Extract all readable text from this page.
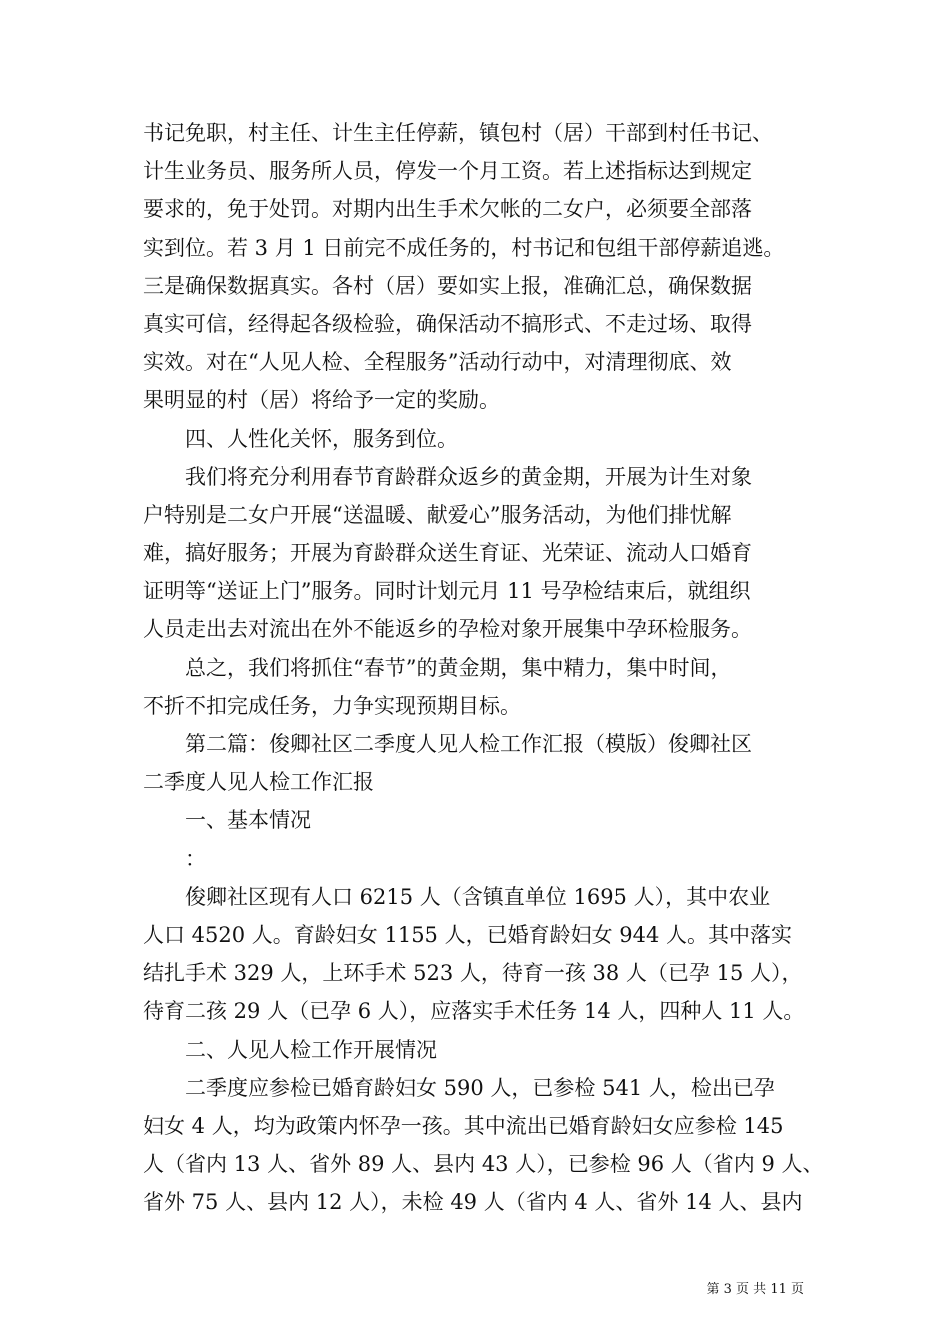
书记免职，村主任、计生主任停薪，镇包村（居）干部到村任书记、
计生业务员、服务所人员，停发一个月工资。若上述指标达到规定
要求的，免于处罚。对期内出生手术欠帐的二女户，必须要全部落
实到位。若 3 月 1 日前完不成任务的，村书记和包组干部停薪追逃。
三是确保数据真实。各村（居）要如实上报，准确汇总，确保数据
真实可信，经得起各级检验，确保活动不搞形式、不走过场、取得
实效。对在“人见人检、全程服务”活动行动中，对清理彻底、效
果明显的村（居）将给予一定的奖励。
四、人性化关怀，服务到位。
我们将充分利用春节育龄群众返乡的黄金期，开展为计生对象
户特别是二女户开展“送温暖、献爱心”服务活动，为他们排忧解
难，搞好服务；开展为育龄群众送生育证、光荣证、流动人口婚育
证明等“送证上门”服务。同时计划元月 11 号孕检结束后，就组织
人员走出去对流出在外不能返乡的孕检对象开展集中孕环检服务。
总之，我们将抓住“春节”的黄金期，集中精力，集中时间，
不折不扣完成任务，力争实现预期目标。
第二篇：俊卿社区二季度人见人检工作汇报（模版）俊卿社区
二季度人见人检工作汇报
一、基本情况
：
俊卿社区现有人口 6215 人（含镇直单位 1695 人），其中农业
人口 4520 人。育龄妇女 1155 人，已婚育龄妇女 944 人。其中落实
结扎手术 329 人，上环手术 523 人，待育一孩 38 人（已孕 15 人），
待育二孩 29 人（已孕 6 人），应落实手术任务 14 人，四种人 11 人。
二、人见人检工作开展情况
二季度应参检已婚育龄妇女 590 人，已参检 541 人，检出已孕
妇女 4 人，均为政策内怀孕一孩。其中流出已婚育龄妇女应参检 145
人（省内 13 人、省外 89 人、县内 43 人），已参检 96 人（省内 9 人、
省外 75 人、县内 12 人），未检 49 人（省内 4 人、省外 14 人、县内
第 3 页 共 11 页
